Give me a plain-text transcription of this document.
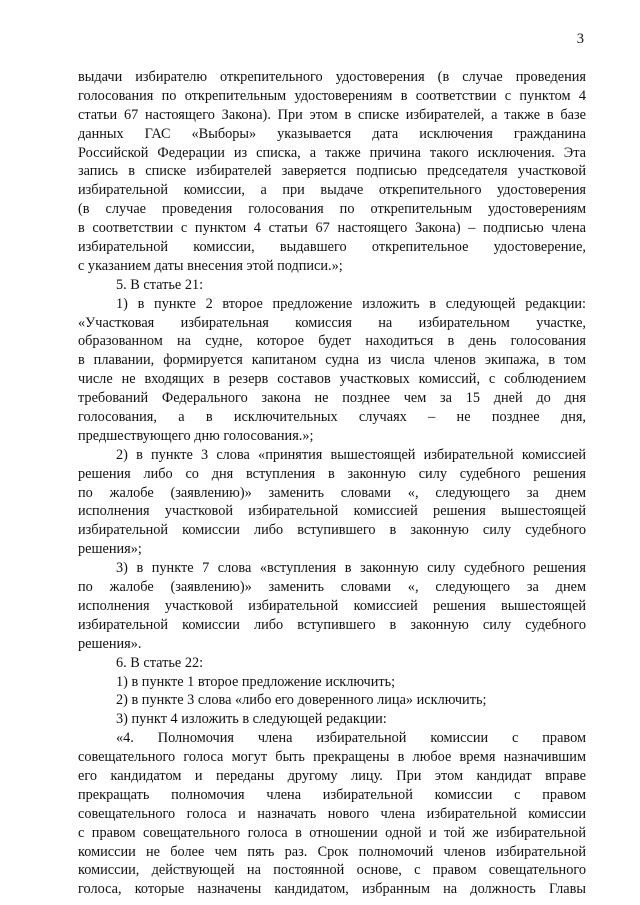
3
выдачи избирателю открепительного удостоверения (в случае проведения
голосования по открепительным удостоверениям в соответствии с пунктом 4
статьи 67 настоящего Закона). При этом в списке избирателей, а также в базе
данных ГАС «Выборы» указывается дата исключения гражданина
Российской Федерации из списка, а также причина такого исключения. Эта
запись в списке избирателей заверяется подписью председателя участковой
избирательной комиссии, а при выдаче открепительного удостоверения
(в случае проведения голосования по открепительным удостоверениям
в соответствии с пунктом 4 статьи 67 настоящего Закона) – подписью члена
избирательной комиссии, выдавшего открепительное удостоверение,
с указанием даты внесения этой подписи.»;
5. В статье 21:
1) в пункте 2 второе предложение изложить в следующей редакции:
«Участковая избирательная комиссия на избирательном участке,
образованном на судне, которое будет находиться в день голосования
в плавании, формируется капитаном судна из числа членов экипажа, в том
числе не входящих в резерв составов участковых комиссий, с соблюдением
требований Федерального закона не позднее чем за 15 дней до дня
голосования, а в исключительных случаях – не позднее дня,
предшествующего дню голосования.»;
2) в пункте 3 слова «принятия вышестоящей избирательной комиссией
решения либо со дня вступления в законную силу судебного решения
по жалобе (заявлению)» заменить словами «, следующего за днем
исполнения участковой избирательной комиссией решения вышестоящей
избирательной комиссии либо вступившего в законную силу судебного
решения»;
3) в пункте 7 слова «вступления в законную силу судебного решения
по жалобе (заявлению)» заменить словами «, следующего за днем
исполнения участковой избирательной комиссией решения вышестоящей
избирательной комиссии либо вступившего в законную силу судебного
решения».
6. В статье 22:
1) в пункте 1 второе предложение исключить;
2) в пункте 3 слова «либо его доверенного лица» исключить;
3) пункт 4 изложить в следующей редакции:
«4. Полномочия члена избирательной комиссии с правом
совещательного голоса могут быть прекращены в любое время назначившим
его кандидатом и переданы другому лицу. При этом кандидат вправе
прекращать полномочия члена избирательной комиссии с правом
совещательного голоса и назначать нового члена избирательной комиссии
с правом совещательного голоса в отношении одной и той же избирательной
комиссии не более чем пять раз. Срок полномочий членов избирательной
комиссии, действующей на постоянной основе, с правом совещательного
голоса, которые назначены кандидатом, избранным на должность Главы
